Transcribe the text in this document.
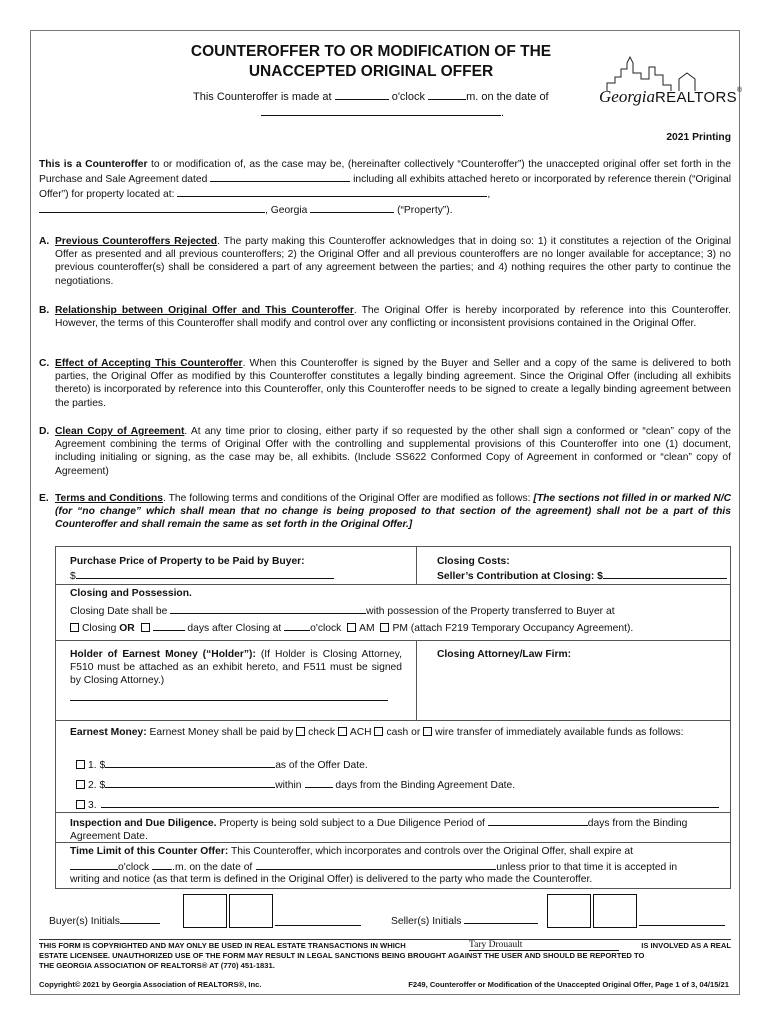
COUNTEROFFER TO OR MODIFICATION OF THE
UNACCEPTED ORIGINAL OFFER
This Counteroffer is made at	o'clock	m. on the date of
.
GeorgiaREALTORS®
2021 Printing

This is a Counteroffer to or modification of, as the case may be, (hereinafter collectively “Counteroffer”) the unaccepted original offer set forth in the Purchase and Sale Agreement dated	including all exhibits attached hereto or incorporated by reference therein (“Original Offer”) for property located at:	,
, Georgia	(“Property”).

A. Previous Counteroffers Rejected. The party making this Counteroffer acknowledges that in doing so: 1) it constitutes a rejection of the Original Offer as presented and all previous counteroffers; 2) the Original Offer and all previous counteroffers are no longer available for acceptance; 3) no previous counteroffer(s) shall be considered a part of any agreement between the parties; and 4) nothing requires the other party to continue the negotiations.
B. Relationship between Original Offer and This Counteroffer. The Original Offer is hereby incorporated by reference into this Counteroffer. However, the terms of this Counteroffer shall modify and control over any conflicting or inconsistent provisions contained in the Original Offer.
C. Effect of Accepting This Counteroffer. When this Counteroffer is signed by the Buyer and Seller and a copy of the same is delivered to both parties, the Original Offer as modified by this Counteroffer constitutes a legally binding agreement. Since the Original Offer (including all exhibits thereto) is incorporated by reference into this Counteroffer, only this Counteroffer needs to be signed to create a legally binding agreement between the parties.
D. Clean Copy of Agreement. At any time prior to closing, either party if so requested by the other shall sign a conformed or “clean” copy of the Agreement combining the terms of Original Offer with the controlling and supplemental provisions of this Counteroffer into one (1) document, including initialing or signing, as the case may be, all exhibits. (Include SS622 Conformed Copy of Agreement in conformed or “clean” copy of Agreement)
E. Terms and Conditions. The following terms and conditions of the Original Offer are modified as follows: [The sections not filled in or marked N/C (for “no change” which shall mean that no change is being proposed to that section of the agreement) shall not be a part of this Counteroffer and shall remain the same as set forth in the Original Offer.]
Purchase Price of Property to be Paid by Buyer:
$
Closing Costs:
Seller’s Contribution at Closing: $
Closing and Possession.
Closing Date shall be	with possession of the Property transferred to Buyer at
Closing OR	days after Closing at	o'clock AM PM (attach F219 Temporary Occupancy Agreement).
Holder of Earnest Money (“Holder”): (If Holder is Closing Attorney, F510 must be attached as an exhibit hereto, and F511 must be signed by Closing Attorney.)
Closing Attorney/Law Firm:
Earnest Money: Earnest Money shall be paid by check ACH cash or wire transfer of immediately available funds as follows:
1. $	as of the Offer Date.
2. $	within	days from the Binding Agreement Date.
3.
Inspection and Due Diligence. Property is being sold subject to a Due Diligence Period of	days from the Binding Agreement Date.
Time Limit of this Counter Offer: This Counteroffer, which incorporates and controls over the Original Offer, shall expire at
o'clock .m. on the date of	unless prior to that time it is accepted in
writing and notice (as that term is defined in the Original Offer) is delivered to the party who made the Counteroffer.
Buyer(s) Initials	Seller(s) Initials
THIS FORM IS COPYRIGHTED AND MAY ONLY BE USED IN REAL ESTATE TRANSACTIONS IN WHICH	Tary Drouault	IS INVOLVED AS A REAL
ESTATE LICENSEE. UNAUTHORIZED USE OF THE FORM MAY RESULT IN LEGAL SANCTIONS BEING BROUGHT AGAINST THE USER AND SHOULD BE REPORTED TO
THE GEORGIA ASSOCIATION OF REALTORS® AT (770) 451-1831.
Copyright© 2021 by Georgia Association of REALTORS®, Inc.	F249, Counteroffer or Modification of the Unaccepted Original Offer, Page 1 of 3, 04/15/21
